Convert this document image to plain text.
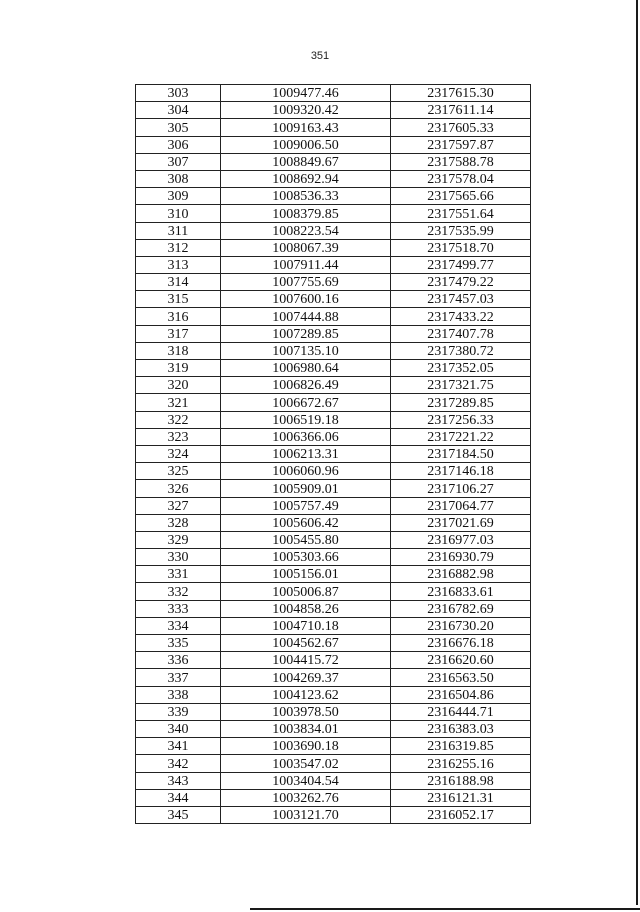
351
303	1009477.46	2317615.30
304	1009320.42	2317611.14
305	1009163.43	2317605.33
306	1009006.50	2317597.87
307	1008849.67	2317588.78
308	1008692.94	2317578.04
309	1008536.33	2317565.66
310	1008379.85	2317551.64
311	1008223.54	2317535.99
312	1008067.39	2317518.70
313	1007911.44	2317499.77
314	1007755.69	2317479.22
315	1007600.16	2317457.03
316	1007444.88	2317433.22
317	1007289.85	2317407.78
318	1007135.10	2317380.72
319	1006980.64	2317352.05
320	1006826.49	2317321.75
321	1006672.67	2317289.85
322	1006519.18	2317256.33
323	1006366.06	2317221.22
324	1006213.31	2317184.50
325	1006060.96	2317146.18
326	1005909.01	2317106.27
327	1005757.49	2317064.77
328	1005606.42	2317021.69
329	1005455.80	2316977.03
330	1005303.66	2316930.79
331	1005156.01	2316882.98
332	1005006.87	2316833.61
333	1004858.26	2316782.69
334	1004710.18	2316730.20
335	1004562.67	2316676.18
336	1004415.72	2316620.60
337	1004269.37	2316563.50
338	1004123.62	2316504.86
339	1003978.50	2316444.71
340	1003834.01	2316383.03
341	1003690.18	2316319.85
342	1003547.02	2316255.16
343	1003404.54	2316188.98
344	1003262.76	2316121.31
345	1003121.70	2316052.17
